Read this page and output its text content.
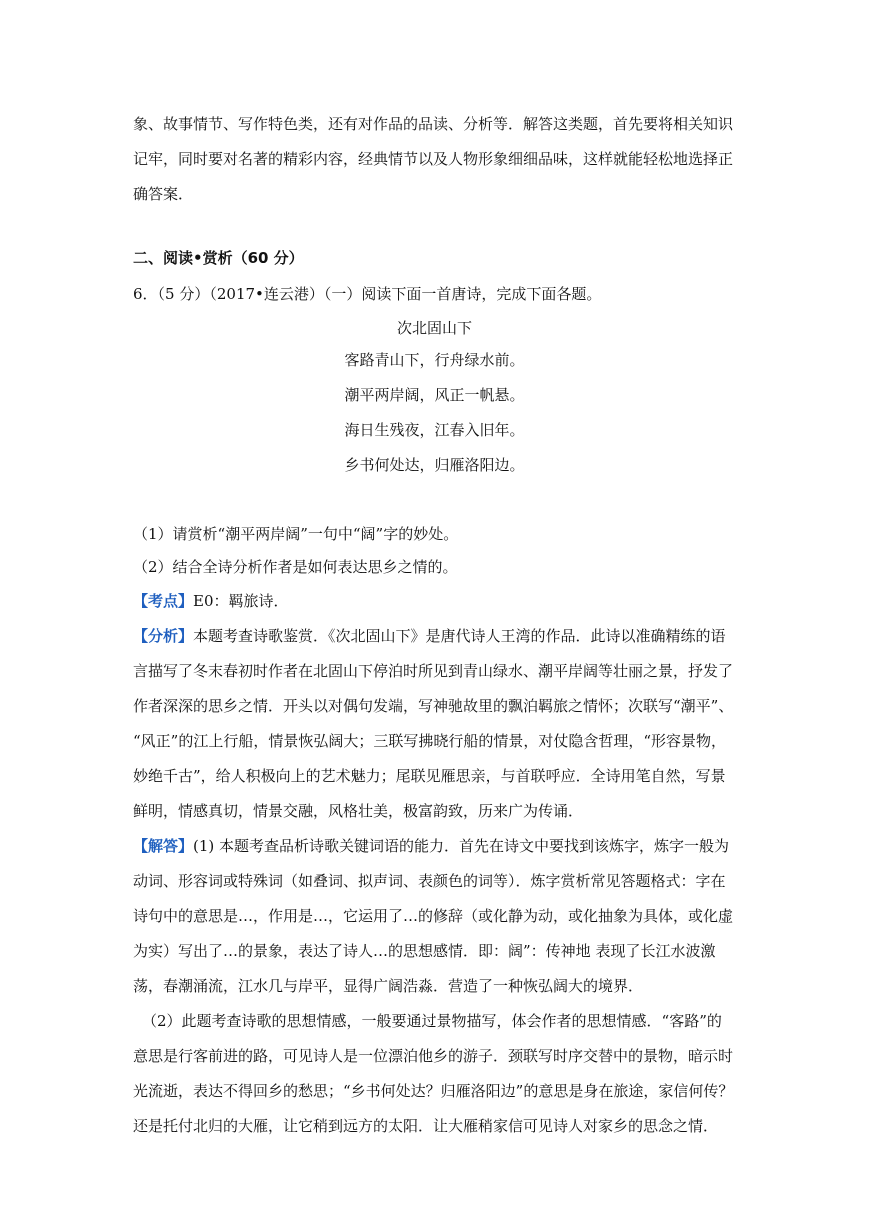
象、故事情节、写作特色类，还有对作品的品读、分析等．解答这类题，首先要将相关知识
记牢，同时要对名著的精彩内容，经典情节以及人物形象细细品味，这样就能轻松地选择正
确答案．
二、阅读•赏析（60 分）
6．（5 分）（2017•连云港）（一）阅读下面一首唐诗，完成下面各题。
次北固山下
客路青山下，行舟绿水前。
潮平两岸阔，风正一帆悬。
海日生残夜，江春入旧年。
乡书何处达，归雁洛阳边。
（1）请赏析“潮平两岸阔”一句中“阔”字的妙处。
（2）结合全诗分析作者是如何表达思乡之情的。
【考点】E0：羁旅诗．
【分析】本题考查诗歌鉴赏．《次北固山下》是唐代诗人王湾的作品．此诗以准确精练的语
言描写了冬末春初时作者在北固山下停泊时所见到青山绿水、潮平岸阔等壮丽之景，抒发了
作者深深的思乡之情．开头以对偶句发端，写神驰故里的飘泊羁旅之情怀；次联写“潮平”、
“风正”的江上行船，情景恢弘阔大；三联写拂晓行船的情景，对仗隐含哲理，“形容景物，
妙绝千古”，给人积极向上的艺术魅力；尾联见雁思亲，与首联呼应．全诗用笔自然，写景
鲜明，情感真切，情景交融，风格壮美，极富韵致，历来广为传诵．
【解答】(1) 本题考查品析诗歌关键词语的能力．首先在诗文中要找到该炼字，炼字一般为
动词、形容词或特殊词（如叠词、拟声词、表颜色的词等）．炼字赏析常见答题格式：字在
诗句中的意思是…，作用是…，它运用了…的修辞（或化静为动，或化抽象为具体，或化虚
为实）写出了…的景象，表达了诗人…的思想感情．即：阔”：传神地 表现了长江水波激
荡，春潮涌流，江水几与岸平，显得广阔浩淼．营造了一种恢弘阔大的境界．
（2）此题考查诗歌的思想情感，一般要通过景物描写，体会作者的思想情感．“客路”的
意思是行客前进的路，可见诗人是一位漂泊他乡的游子．颈联写时序交替中的景物，暗示时
光流逝，表达不得回乡的愁思；“乡书何处达？归雁洛阳边”的意思是身在旅途，家信何传？
还是托付北归的大雁，让它稍到远方的太阳．让大雁稍家信可见诗人对家乡的思念之情．
